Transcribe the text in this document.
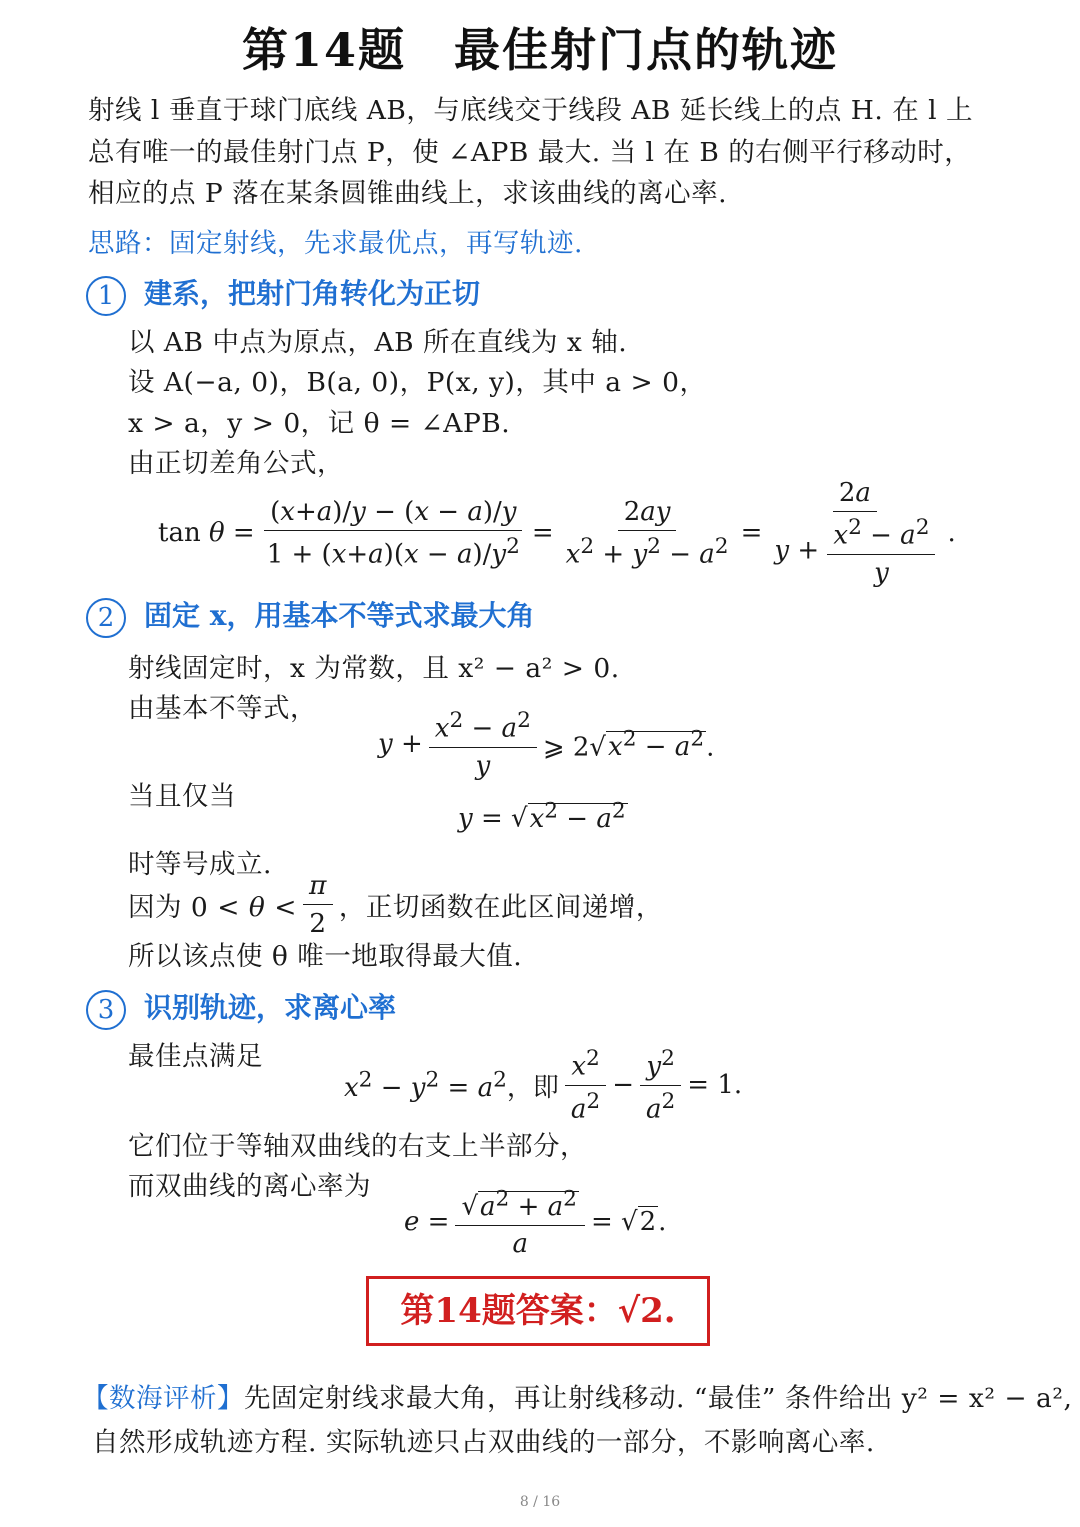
第14题　最佳射门点的轨迹
射线 l 垂直于球门底线 AB，与底线交于线段 AB 延长线上的点 H. 在 l 上
总有唯一的最佳射门点 P，使 ∠APB 最大. 当 l 在 B 的右侧平行移动时，
相应的点 P 落在某条圆锥曲线上，求该曲线的离心率.
思路：固定射线，先求最优点，再写轨迹.
1 建系，把射门角转化为正切
以 AB 中点为原点，AB 所在直线为 x 轴.
设 A(−a, 0)，B(a, 0)，P(x, y)，其中 a > 0，
x > a，y > 0，记 θ = ∠APB.
由正切差角公式，
$\tan \theta = \frac{(x+a)/y - (x - a)/y}{1 + (x+a)(x - a)/y^2} = \frac{2ay}{x^2 + y^2 - a^2} = \frac{2a}{y + \frac{x^2 - a^2}{y}}$ .
2 固定 x，用基本不等式求最大角
射线固定时，x 为常数，且 x² − a² > 0.
由基本不等式，
$y + \frac{x^2 - a^2}{y}$ ⩾ $2√x^2 - a^2$.
当且仅当
$y = √x^2 - a^2$
时等号成立.
因为 $0 < \theta < \frac{\pi}{2}$ ， 正切函数在此区间递增，
所以该点使 θ 唯一地取得最大值.
3 识别轨迹，求离心率
最佳点满足
$x^2 - y^2 = a^2$，即 $\frac{x^2}{a^2} - \frac{y^2}{a^2} = 1$.
它们位于等轴双曲线的右支上半部分，
而双曲线的离心率为
$e = \frac{√a^2 + a^2}{a} = √2$.
第14题答案：√2.
【数海评析】先固定射线求最大角，再让射线移动. “最佳” 条件给出 y² = x² − a²,
自然形成轨迹方程. 实际轨迹只占双曲线的一部分，不影响离心率.
8 / 16
